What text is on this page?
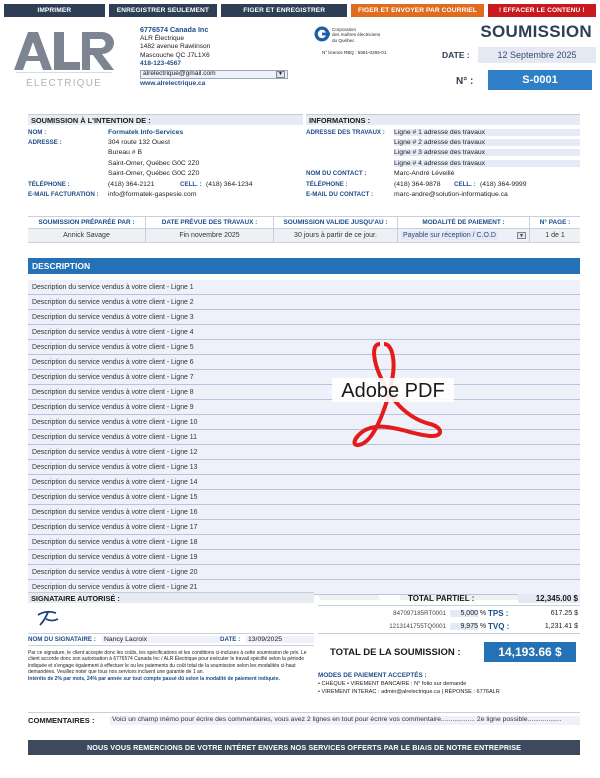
IMPRIMER	ENREGISTRER SEULEMENT	FIGER ET ENREGISTRER	FIGER ET ENVOYER PAR COURRIEL	! EFFACER LE CONTENU !
ÉLECTRIQUE
6776574 Canada Inc
ALR Électrique
1482 avenue Rawlinson
Mascouche QC J7L1X6
418-123-4567
alrelectrique@gmail.com	▼
www.alrelectrique.ca
Corporation
des maîtres électriciens
du Québec
N° licence RBQ : 5581-0265-01
SOUMISSION
DATE :	12 Septembre 2025
N° :	S-0001
SOUMISSION À L'INTENTION DE :	INFORMATIONS :
NOM :	Formatek Info-Services
ADRESSE :	304 route 132 Ouest
Bureau # B
Saint-Omer, Québec G0C 2Z0
Saint-Omer, Québec G0C 2Z0
TÉLÉPHONE :	(418) 364-2121	CELL. : (418) 364-1234
E-MAIL FACTURATION :	info@formatek-gaspesie.com
ADRESSE DES TRAVAUX :	Ligne # 1 adresse des travaux
Ligne # 2 adresse des travaux
Ligne # 3 adresse des travaux
Ligne # 4 adresse des travaux
NOM DU CONTACT :	Marc-André Léveillé
TÉLÉPHONE :	(418) 364-9878	CELL. : (418) 364-9999
E-MAIL DU CONTACT :	marc-andre@solution-informatique.ca
SOUMISSION PRÉPARÉE PAR :	DATE PRÉVUE DES TRAVAUX :	SOUMISSION VALIDE JUSQU'AU :	MODALITÉ DE PAIEMENT :	N° PAGE :
Annick Savage	Fin novembre 2025	30 jours à partir de ce jour.	Payable sur réception / C.O.D	▼	1 de 1
DESCRIPTION
Description du service vendus à votre client - Ligne 1
Description du service vendus à votre client - Ligne 2
Description du service vendus à votre client - Ligne 3
Description du service vendus à votre client - Ligne 4
Description du service vendus à votre client - Ligne 5
Description du service vendus à votre client - Ligne 6
Description du service vendus à votre client - Ligne 7
Description du service vendus à votre client - Ligne 8
Description du service vendus à votre client - Ligne 9
Description du service vendus à votre client - Ligne 10
Description du service vendus à votre client - Ligne 11
Description du service vendus à votre client - Ligne 12
Description du service vendus à votre client - Ligne 13
Description du service vendus à votre client - Ligne 14
Description du service vendus à votre client - Ligne 15
Description du service vendus à votre client - Ligne 16
Description du service vendus à votre client - Ligne 17
Description du service vendus à votre client - Ligne 18
Description du service vendus à votre client - Ligne 19
Description du service vendus à votre client - Ligne 20
Description du service vendus à votre client - Ligne 21
Adobe PDF
SIGNATAIRE AUTORISÉ :
NOM DU SIGNATAIRE :	Nancy Lacroix	DATE :	13/09/2025
Par ce signature, le client accepte donc les coûts, les spécifications et les conditions ci-incluses à cette soumission de prix. Le client accorde donc son autorisation à 6776574 Canada Inc / ALR Électrique pour exécuter le travail spécifié selon la période indiquée et s'engage également à effectuer le ou les paiements du coût total de la soumission selon les modalités ci-haut demandées. Veuillez noter que tous nos services incluent une garantie de 1 an.
Intérêts de 2% par mois, 24% par année sur tout compte passé dû selon la modalité de paiement indiquée.
TOTAL PARTIEL :	12,345.00 $
847097185RT0001	5,000 % TPS :	617.25 $
1213141755TQ0001	9,975 % TVQ :	1,231.41 $
TOTAL DE LA SOUMISSION :	14,193.66 $
MODES DE PAIEMENT ACCEPTÉS :
• CHÈQUE • VIREMENT BANCAIRE : N° folio sur demande
• VIREMENT INTERAC : admin@alrelectrique.ca | RÉPONSE : 6776ALR
COMMENTAIRES :	Voici un champ mémo pour écrire des commentaires, vous avez 2 lignes en tout pour écrire vos commentaire.................. 2e ligne possible..................
NOUS VOUS REMERCIONS DE VOTRE INTÉRET ENVERS NOS SERVICES OFFERTS PAR LE BIAIS DE NOTRE ENTREPRISE
